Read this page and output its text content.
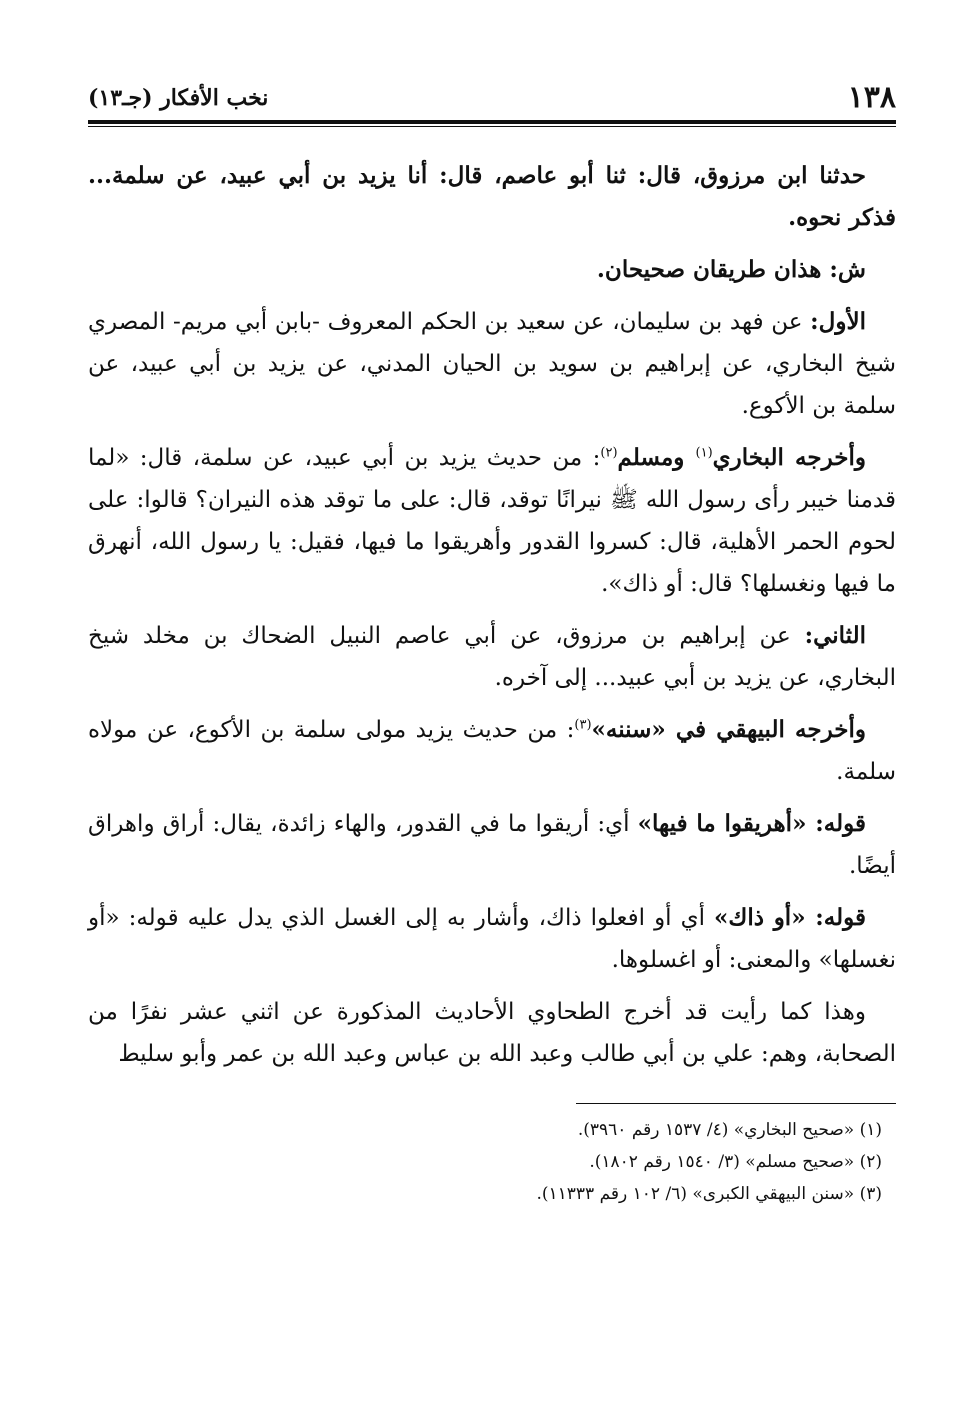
١٣٨
نخب الأفكار (جـ١٣)

حدثنا ابن مرزوق، قال: ثنا أبو عاصم، قال: أنا يزيد بن أبي عبيد، عن سلمة... فذكر نحوه.

ش: هذان طريقان صحيحان.

الأول: عن فهد بن سليمان، عن سعيد بن الحكم المعروف -بابن أبي مريم- المصري شيخ البخاري، عن إبراهيم بن سويد بن الحيان المدني، عن يزيد بن أبي عبيد، عن سلمة بن الأكوع.

وأخرجه البخاري$^{(١)}$ ومسلم$^{(٢)}$: من حديث يزيد بن أبي عبيد، عن سلمة، قال: «لما قدمنا خيبر رأى رسول الله ﷺ نيرانًا توقد، قال: على ما توقد هذه النيران؟ قالوا: على لحوم الحمر الأهلية، قال: كسروا القدور وأهريقوا ما فيها، فقيل: يا رسول الله، أنهرق ما فيها ونغسلها؟ قال: أو ذاك».

الثاني: عن إبراهيم بن مرزوق، عن أبي عاصم النبيل الضحاك بن مخلد شيخ البخاري، عن يزيد بن أبي عبيد... إلى آخره.

وأخرجه البيهقي في «سننه»$^{(٣)}$: من حديث يزيد مولى سلمة بن الأكوع، عن مولاه سلمة.

قوله: «أهريقوا ما فيها» أي: أريقوا ما في القدور، والهاء زائدة، يقال: أراق واهراق أيضًا.

قوله: «أو ذاك» أي أو افعلوا ذاك، وأشار به إلى الغسل الذي يدل عليه قوله: «أو نغسلها» والمعنى: أو اغسلوها.

وهذا كما رأيت قد أخرج الطحاوي الأحاديث المذكورة عن اثني عشر نفرًا من الصحابة، وهم: علي بن أبي طالب وعبد الله بن عباس وعبد الله بن عمر وأبو سليط

(١) «صحيح البخاري» (٤/ ١٥٣٧ رقم ٣٩٦٠).

(٢) «صحيح مسلم» (٣/ ١٥٤٠ رقم ١٨٠٢).

(٣) «سنن البيهقي الكبرى» (٦/ ١٠٢ رقم ١١٣٣٣).
